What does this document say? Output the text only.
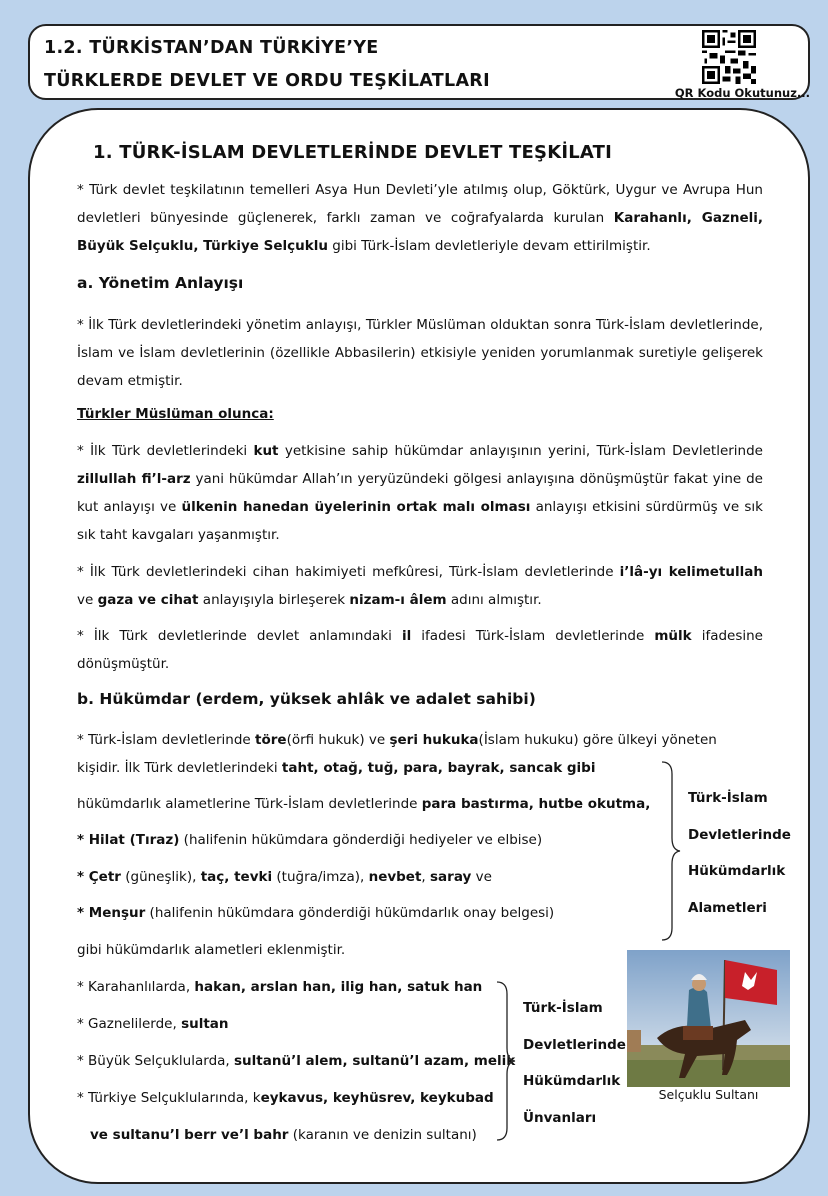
1.2. TÜRKİSTAN’DAN TÜRKİYE’YE
TÜRKLERDE DEVLET VE ORDU TEŞKİLATLARI
QR Kodu Okutunuz...
1. TÜRK-İSLAM DEVLETLERİNDE DEVLET TEŞKİLATI

* Türk devlet teşkilatının temelleri Asya Hun Devleti’yle atılmış olup, Göktürk, Uygur ve Avrupa Hun devletleri bünyesinde güçlenerek, farklı zaman ve coğrafyalarda kurulan Karahanlı, Gazneli, Büyük Selçuklu, Türkiye Selçuklu gibi Türk-İslam devletleriyle devam ettirilmiştir.

a. Yönetim Anlayışı

* İlk Türk devletlerindeki yönetim anlayışı, Türkler Müslüman olduktan sonra Türk-İslam devletlerinde, İslam ve İslam devletlerinin (özellikle Abbasilerin) etkisiyle yeniden yorumlanmak suretiyle gelişerek devam etmiştir.

Türkler Müslüman olunca:

* İlk Türk devletlerindeki kut yetkisine sahip hükümdar anlayışının yerini, Türk-İslam Devletlerinde zillullah fi’l-arz yani hükümdar Allah’ın yeryüzündeki gölgesi anlayışına dönüşmüştür fakat yine de kut anlayışı ve ülkenin hanedan üyelerinin ortak malı olması anlayışı etkisini sürdürmüş ve sık sık taht kavgaları yaşanmıştır.

* İlk Türk devletlerindeki cihan hakimiyeti mefkûresi, Türk-İslam devletlerinde i’lâ-yı kelimetullah ve gaza ve cihat anlayışıyla birleşerek nizam-ı âlem adını almıştır.

* İlk Türk devletlerinde devlet anlamındaki il ifadesi Türk-İslam devletlerinde mülk ifadesine dönüşmüştür.

b. Hükümdar (erdem, yüksek ahlâk ve adalet sahibi)
* Türk-İslam devletlerinde töre(örfi hukuk) ve şeri hukuka(İslam hukuku) göre ülkeyi yöneten
kişidir. İlk Türk devletlerindeki taht, otağ, tuğ, para, bayrak, sancak gibi
hükümdarlık alametlerine Türk-İslam devletlerinde para bastırma, hutbe okutma,
* Hilat (Tıraz) (halifenin hükümdara gönderdiği hediyeler ve elbise)
* Çetr (güneşlik), taç, tevki (tuğra/imza), nevbet, saray ve
* Menşur (halifenin hükümdara gönderdiği hükümdarlık onay belgesi)
gibi hükümdarlık alametleri eklenmiştir.
Türk-İslam
Devletlerinde
Hükümdarlık
Alametleri
* Karahanlılarda, hakan, arslan han, ilig han, satuk han
* Gaznelilerde, sultan
* Büyük Selçuklularda, sultanü’l alem, sultanü’l azam, melik
* Türkiye Selçuklularında, keykavus, keyhüsrev, keykubad
ve sultanu’l berr ve’l bahr (karanın ve denizin sultanı)
Türk-İslam
Devletlerinde
Hükümdarlık
Ünvanları
Selçuklu Sultanı
